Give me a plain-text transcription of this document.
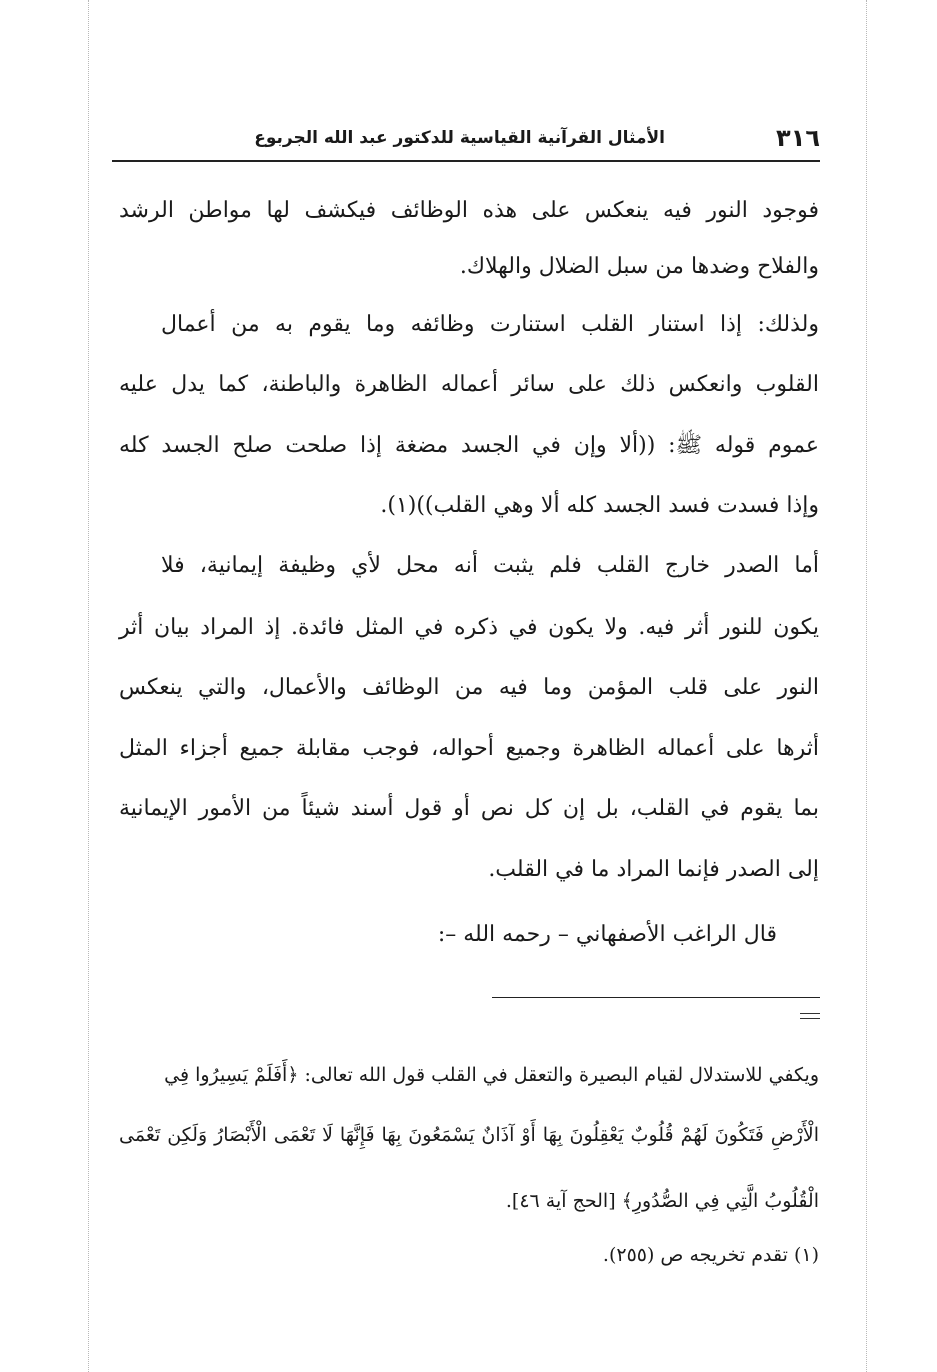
٣١٦
الأمثال القرآنية القياسية للدكتور عبد الله الجربوع
فوجود النور فيه ينعكس على هذه الوظائف فيكشف لها مواطن الرشد
والفلاح وضدها من سبل الضلال والهلاك.
ولذلك: إذا استنار القلب استنارت وظائفه وما يقوم به من أعمال
القلوب وانعكس ذلك على سائر أعماله الظاهرة والباطنة، كما يدل عليه
عموم قوله ﷺ: ((ألا وإن في الجسد مضغة إذا صلحت صلح الجسد كله
وإذا فسدت فسد الجسد كله ألا وهي القلب))(١).
أما الصدر خارج القلب فلم يثبت أنه محل لأي وظيفة إيمانية، فلا
يكون للنور أثر فيه. ولا يكون في ذكره في المثل فائدة. إذ المراد بيان أثر
النور على قلب المؤمن وما فيه من الوظائف والأعمال، والتي ينعكس
أثرها على أعماله الظاهرة وجميع أحواله، فوجب مقابلة جميع أجزاء المثل
بما يقوم في القلب، بل إن كل نص أو قول أسند شيئاً من الأمور الإيمانية
إلى الصدر فإنما المراد ما في القلب.
قال الراغب الأصفهاني – رحمه الله –:
ويكفي للاستدلال لقيام البصيرة والتعقل في القلب قول الله تعالى: ﴿أَفَلَمْ يَسِيرُوا فِي
الْأَرْضِ فَتَكُونَ لَهُمْ قُلُوبٌ يَعْقِلُونَ بِهَا أَوْ آذَانٌ يَسْمَعُونَ بِهَا فَإِنَّهَا لَا تَعْمَى الْأَبْصَارُ وَلَكِن تَعْمَى
الْقُلُوبُ الَّتِي فِي الصُّدُورِ﴾ [الحج آية ٤٦].
(١) تقدم تخريجه ص (٢٥٥).
